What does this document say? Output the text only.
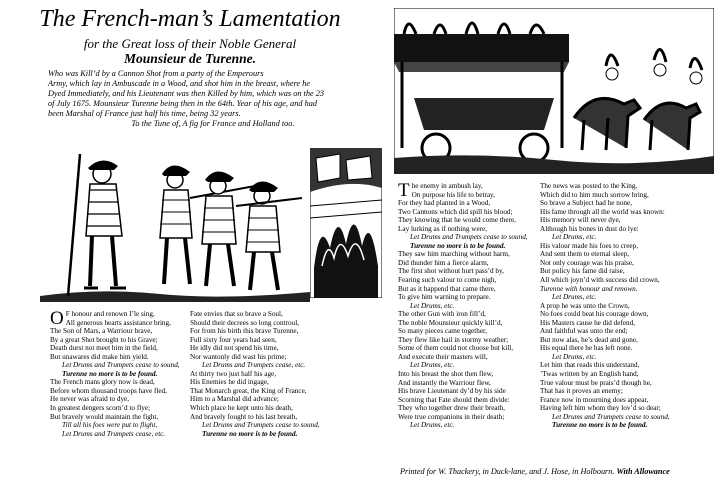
The French-man’s Lamentation
for the Great loss of their Noble General
Mounsieur de Turenne.
Who was Kill’d by a Cannon Shot from a party of the Emperours
Army, which lay in Ambuscade in a Wood, and shot him in the breast, where he
Dyed Immediately, and his Lieutenant was then Killed by him, which was on the 23
of July 1675. Mounsieur Turenne being then in the 64th. Year of his age, and had
been Marshal of France just half his time, being 32 years.
To the Tune of, A fig for France and Holland too.
O F honour and renown I’le sing,
All generous hearts assistance bring,
The Son of Mars, a Warriour brave,
By a great Shot brought to his Grave;
Death durst not meet him in the field,
But unawares did make him yield.
Let Drums and Trumpets cease to sound,
Turenne no more is to be found.
The French mans glory now is dead,
Before whom thousand troops have fled,
He never was afraid to dye,
In greatest dengers scorn’d to flye;
But bravely would maintain the fight,
Till all his foes were put to flight,
Let Drums and Trumpets cease, etc.
Fate envies that so brave a Soul,
Should their decrees so long controul,
For from his birth this brave Turenne,
Full sixty four years had seen,
He idly did not spend his time,
Nor wantonly did wast his prime;
Let Drums and Trumpets cease, etc.
At thirty two just half his age,
His Enemies he did ingage,
That Monarch great, the King of France,
Him to a Marshal did advance;
Which place he kept unto his death,
And bravely fought to his last breath,
Let Drums and Trumpets cease to sound,
Turenne no more is to be found.
T he enemy in ambush lay,
On purpose his life to betray,
For they had planted in a Wood,
Two Cannons which did spill his blood;
They knowing that he would come there,
Lay lurking as if nothing were,
Let Drums and Trumpets cease to sound,
Turenne no more is to be found.
They saw him marching without harm,
Did thunder him a fierce alarm,
The first shot without hurt pass’d by,
Fearing such valour to come nigh,
But as it happend that came there,
To give him warning to prepare.
Let Drums, etc.
The other Gun with iron fill’d,
The noble Mounsieur quickly kill’d,
So many pieces came together,
They flew like hail in stormy weather;
Some of them could not choose but kill,
And execute their masters will,
Let Drums, etc.
Into his breast the shot then flew,
And instantly the Warriour flew,
His brave Lieutenant dy’d by his side
Scorning that Fate should them divide:
They who together drew their breath,
Were true companions in their death;
Let Drums, etc.
The news was posted to the King,
Which did to him much sorrow bring,
So brave a Subject had he none,
His fame through all the world was known:
His memory will never dye,
Although his bones in dust do lye:
Let Drums, etc.
His valour made his foes to creep,
And sent them to eternal sleep,
Not only courage was his praise,
But policy his fame did raise,
All which joyn’d with success did crown,
Turenne with honour and renown.
Let Drums, etc.
A prop he was unto the Crown,
No foes could beat his courage down,
His Masters cause he did defend,
And faithful was unto the end;
But now alas, he’s dead and gone,
His equal there he has left none.
Let Drums, etc.
Let him that reads this understand,
’Twas written by an English hand,
True valour must be prais’d though he,
That has it proves an enemy;
France now in mourning does appear,
Having left him whom they lov’d so dear;
Let Drums and Trumpets cease to sound,
Turenne no more is to be found.
Printed for W. Thackery, in Duck-lane, and J. Hose, in Holbourn. With Allowance
